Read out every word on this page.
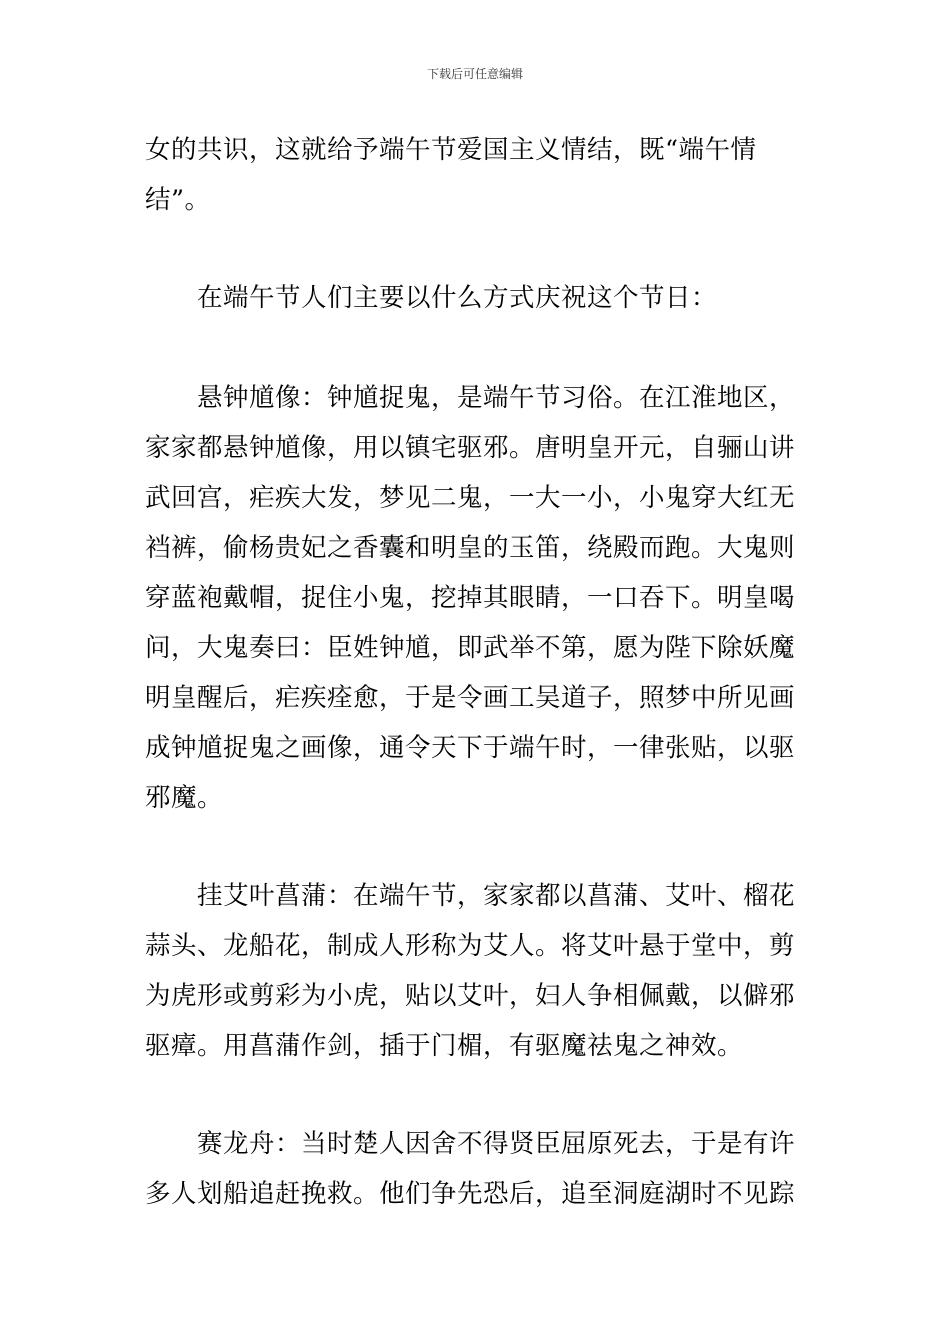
下载后可任意编辑
女的共识，这就给予端午节爱国主义情结，既“端午情
结”。
　　在端午节人们主要以什么方式庆祝这个节日：
　　悬钟馗像：钟馗捉鬼，是端午节习俗。在江淮地区，
家家都悬钟馗像，用以镇宅驱邪。唐明皇开元，自骊山讲
武回宫，疟疾大发，梦见二鬼，一大一小，小鬼穿大红无
裆裤，偷杨贵妃之香囊和明皇的玉笛，绕殿而跑。大鬼则
穿蓝袍戴帽，捉住小鬼，挖掉其眼睛，一口吞下。明皇喝
问，大鬼奏曰：臣姓钟馗，即武举不第，愿为陛下除妖魔
明皇醒后，疟疾痊愈，于是令画工吴道子，照梦中所见画
成钟馗捉鬼之画像，通令天下于端午时，一律张贴，以驱
邪魔。
　　挂艾叶菖蒲：在端午节，家家都以菖蒲、艾叶、榴花
蒜头、龙船花，制成人形称为艾人。将艾叶悬于堂中，剪
为虎形或剪彩为小虎，贴以艾叶，妇人争相佩戴，以僻邪
驱瘴。用菖蒲作剑，插于门楣，有驱魔祛鬼之神效。
　　赛龙舟：当时楚人因舍不得贤臣屈原死去，于是有许
多人划船追赶挽救。他们争先恐后，追至洞庭湖时不见踪
